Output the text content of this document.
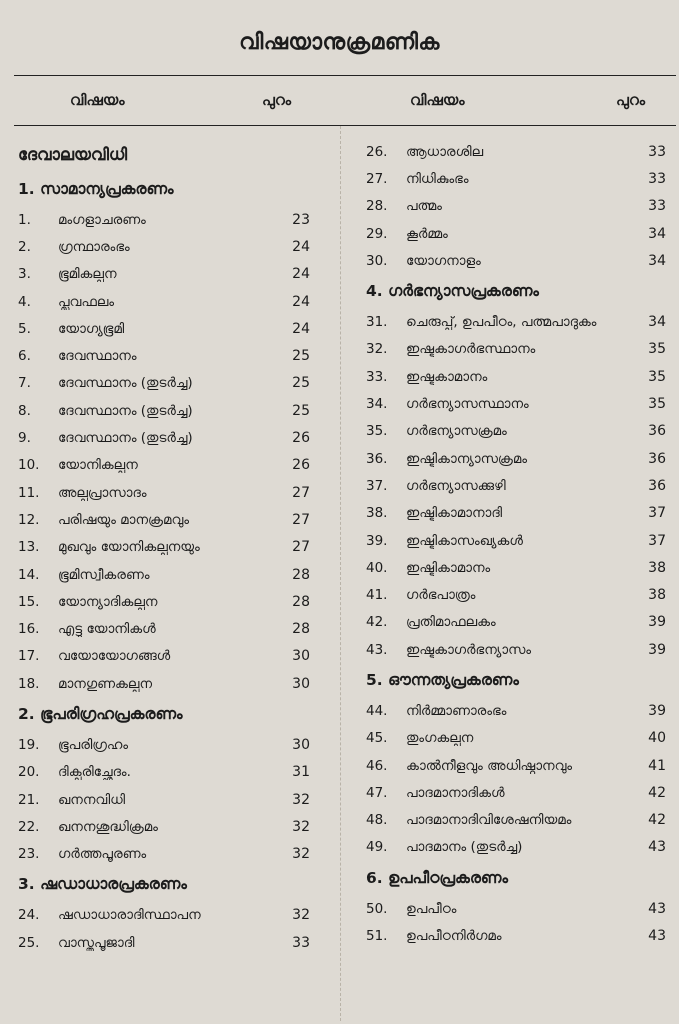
വിഷയാനുക്രമണിക
വിഷയം	പുറം	വിഷയം	പുറം
ദേവാലയവിധി
1. സാമാന്യപ്രകരണം
1.	മംഗളാചരണം	23
2.	ഗ്രന്ഥാരംഭം	24
3.	ഭൂമികല്പന	24
4.	പ്ലവഫലം	24
5.	യോഗ്യഭൂമി	24
6.	ദേവസ്ഥാനം	25
7.	ദേവസ്ഥാനം (തുടർച്ച)	25
8.	ദേവസ്ഥാനം (തുടർച്ച)	25
9.	ദേവസ്ഥാനം (തുടർച്ച)	26
10.	യോനികല്പന	26
11.	അല്പപ്രാസാദം	27
12.	പരിഷയും മാനക്രമവും	27
13.	മുഖവും യോനികല്പനയും	27
14.	ഭൂമിസ്വീകരണം	28
15.	യോന്യാദികല്പന	28
16.	എട്ടു യോനികൾ	28
17.	വയോയോഗങ്ങൾ	30
18.	മാനഗുണകല്പന	30
2. ഭൂപരിഗ്രഹപ്രകരണം
19.	ഭൂപരിഗ്രഹം	30
20.	ദിക്പരിച്ഛേദം.	31
21.	ഖനനവിധി	32
22.	ഖനനശുദ്ധിക്രമം	32
23.	ഗർത്തപൂരണം	32
3. ഷഡാധാരപ്രകരണം
24.	ഷഡാധാരാദിസ്ഥാപന	32
25.	വാസ്തുപൂജാദി	33
26.	ആധാരശില	33
27.	നിധികുംഭം	33
28.	പത്മം	33
29.	കൂർമ്മം	34
30.	യോഗനാളം	34
4. ഗർഭന്യാസപ്രകരണം
31.	ചെരുപ്പ്, ഉപപീഠം, പത്മപാദുകം	34
32.	ഇഷ്ടകാഗർഭസ്ഥാനം	35
33.	ഇഷ്ടകാമാനം	35
34.	ഗർഭന്യാസസ്ഥാനം	35
35.	ഗർഭന്യാസക്രമം	36
36.	ഇഷ്ടികാന്യാസക്രമം	36
37.	ഗർഭന്യാസക്കുഴി	36
38.	ഇഷ്ടികാമാനാദി	37
39.	ഇഷ്ടികാസംഖ്യകൾ	37
40.	ഇഷ്ടികാമാനം	38
41.	ഗർഭപാത്രം	38
42.	പ്രതിമാഫലകം	39
43.	ഇഷ്ടകാഗർഭന്യാസം	39
5. ഔന്നത്യപ്രകരണം
44.	നിർമ്മാണാരംഭം	39
45.	തുംഗകല്പന	40
46.	കാൽനീളവും അധിഷ്ഠാനവും	41
47.	പാദമാനാദികൾ	42
48.	പാദമാനാദിവിശേഷനിയമം	42
49.	പാദമാനം (തുടർച്ച)	43
6. ഉപപീഠപ്രകരണം
50.	ഉപപീഠം	43
51.	ഉപപീഠനിർഗമം	43
